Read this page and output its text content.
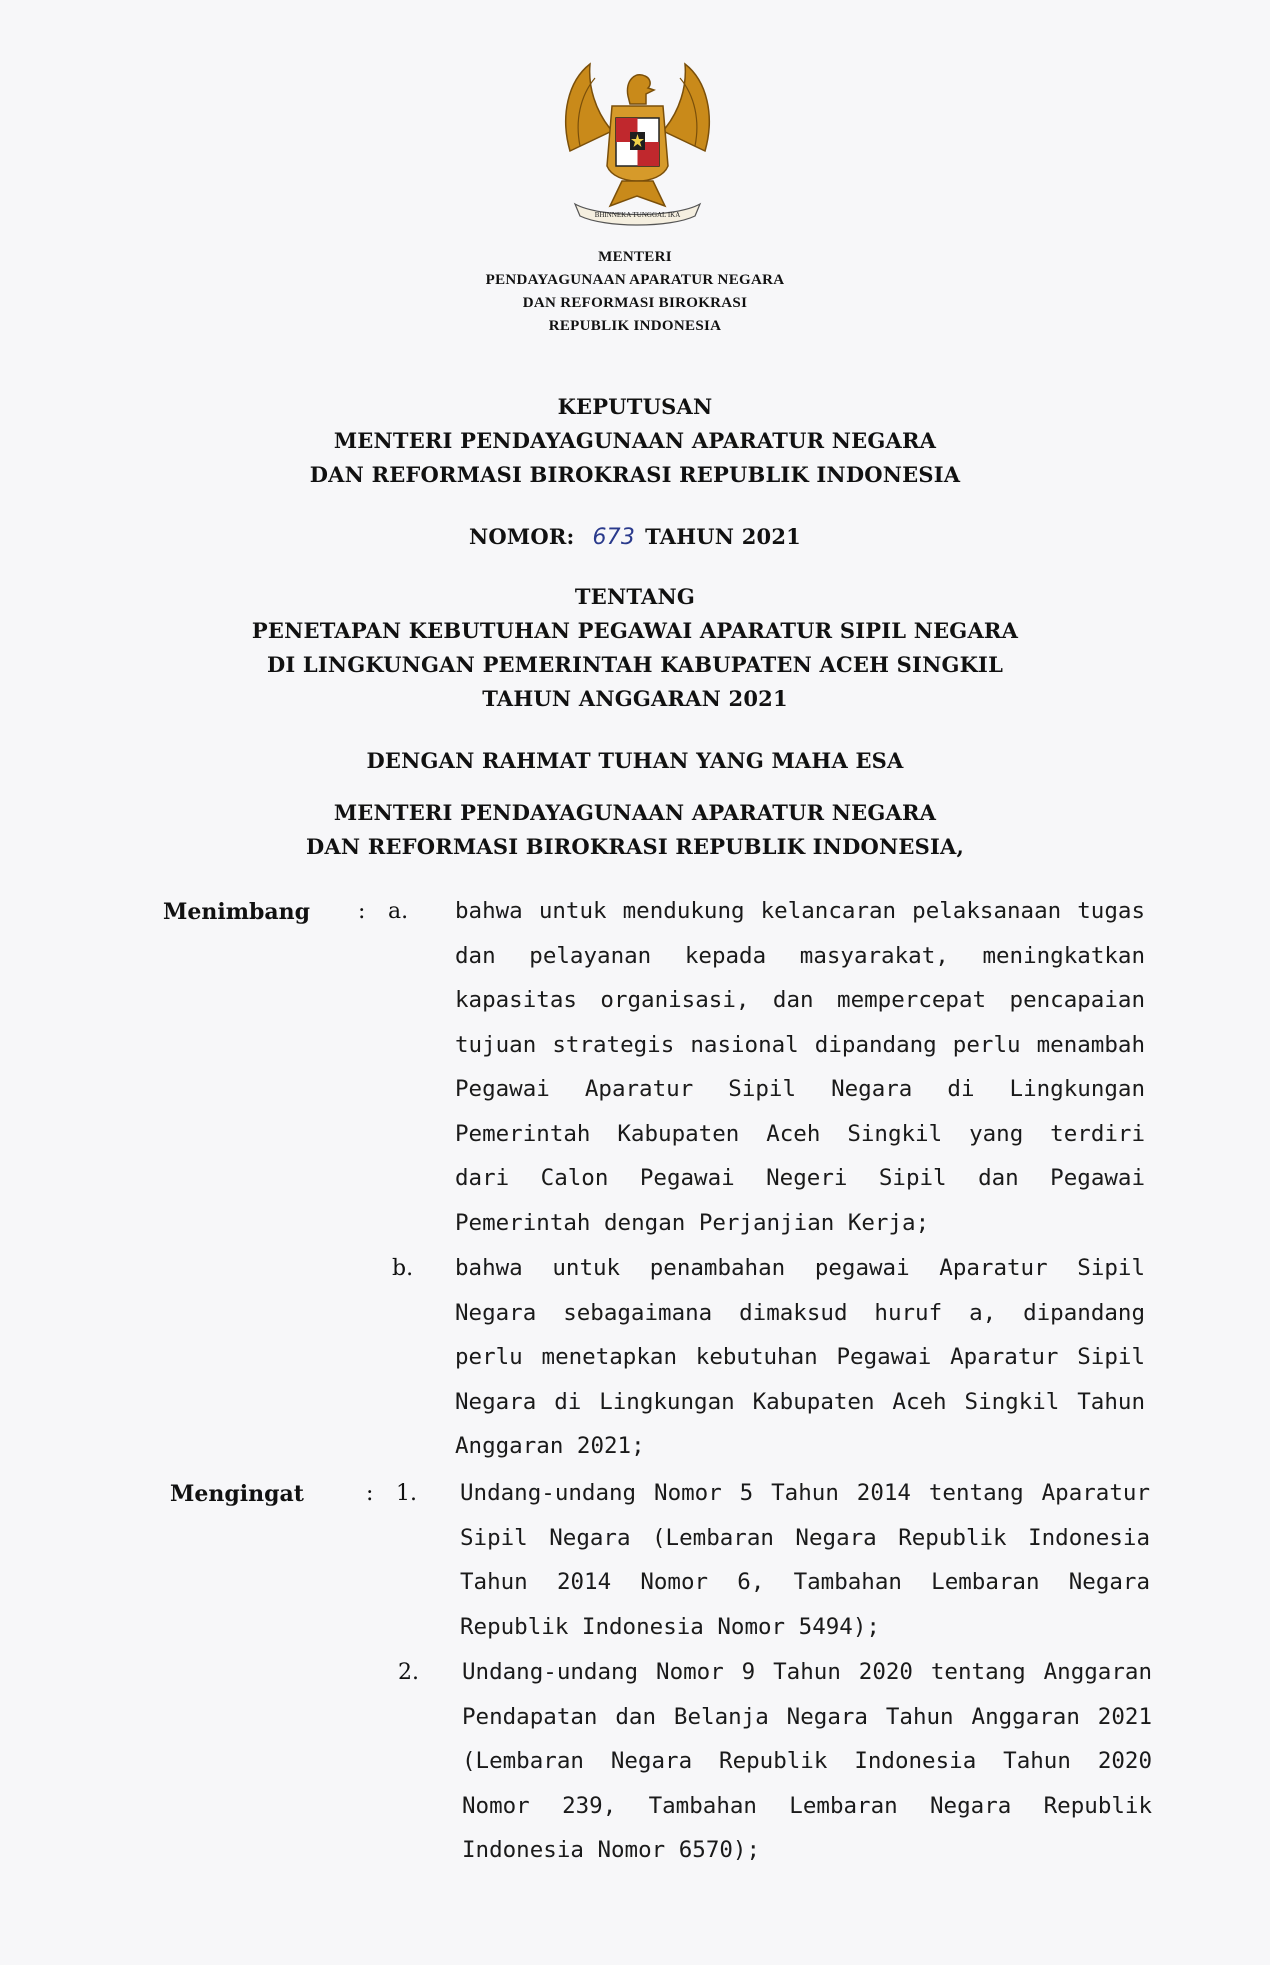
BHINNEKA TUNGGAL IKA
MENTERI
PENDAYAGUNAAN APARATUR NEGARA
DAN REFORMASI BIROKRASI
REPUBLIK INDONESIA
KEPUTUSAN
MENTERI PENDAYAGUNAAN APARATUR NEGARA
DAN REFORMASI BIROKRASI REPUBLIK INDONESIA
NOMOR: 673 TAHUN 2021
TENTANG
PENETAPAN KEBUTUHAN PEGAWAI APARATUR SIPIL NEGARA
DI LINGKUNGAN PEMERINTAH KABUPATEN ACEH SINGKIL
TAHUN ANGGARAN 2021
DENGAN RAHMAT TUHAN YANG MAHA ESA
MENTERI PENDAYAGUNAAN APARATUR NEGARA
DAN REFORMASI BIROKRASI REPUBLIK INDONESIA,
Menimbang : a. bahwa untuk mendukung kelancaran pelaksanaan tugas dan pelayanan kepada masyarakat, meningkatkan kapasitas organisasi, dan mempercepat pencapaian tujuan strategis nasional dipandang perlu menambah Pegawai Aparatur Sipil Negara di Lingkungan Pemerintah Kabupaten Aceh Singkil yang terdiri dari Calon Pegawai Negeri Sipil dan Pegawai Pemerintah dengan Perjanjian Kerja;
b. bahwa untuk penambahan pegawai Aparatur Sipil Negara sebagaimana dimaksud huruf a, dipandang perlu menetapkan kebutuhan Pegawai Aparatur Sipil Negara di Lingkungan Kabupaten Aceh Singkil Tahun Anggaran 2021;
Mengingat	: 1. Undang-undang Nomor 5 Tahun 2014 tentang Aparatur Sipil Negara (Lembaran Negara Republik Indonesia Tahun 2014 Nomor 6, Tambahan Lembaran Negara Republik Indonesia Nomor 5494);
2. Undang-undang Nomor 9 Tahun 2020 tentang Anggaran Pendapatan dan Belanja Negara Tahun Anggaran 2021 (Lembaran Negara Republik Indonesia Tahun 2020 Nomor 239, Tambahan Lembaran Negara Republik Indonesia Nomor 6570);
